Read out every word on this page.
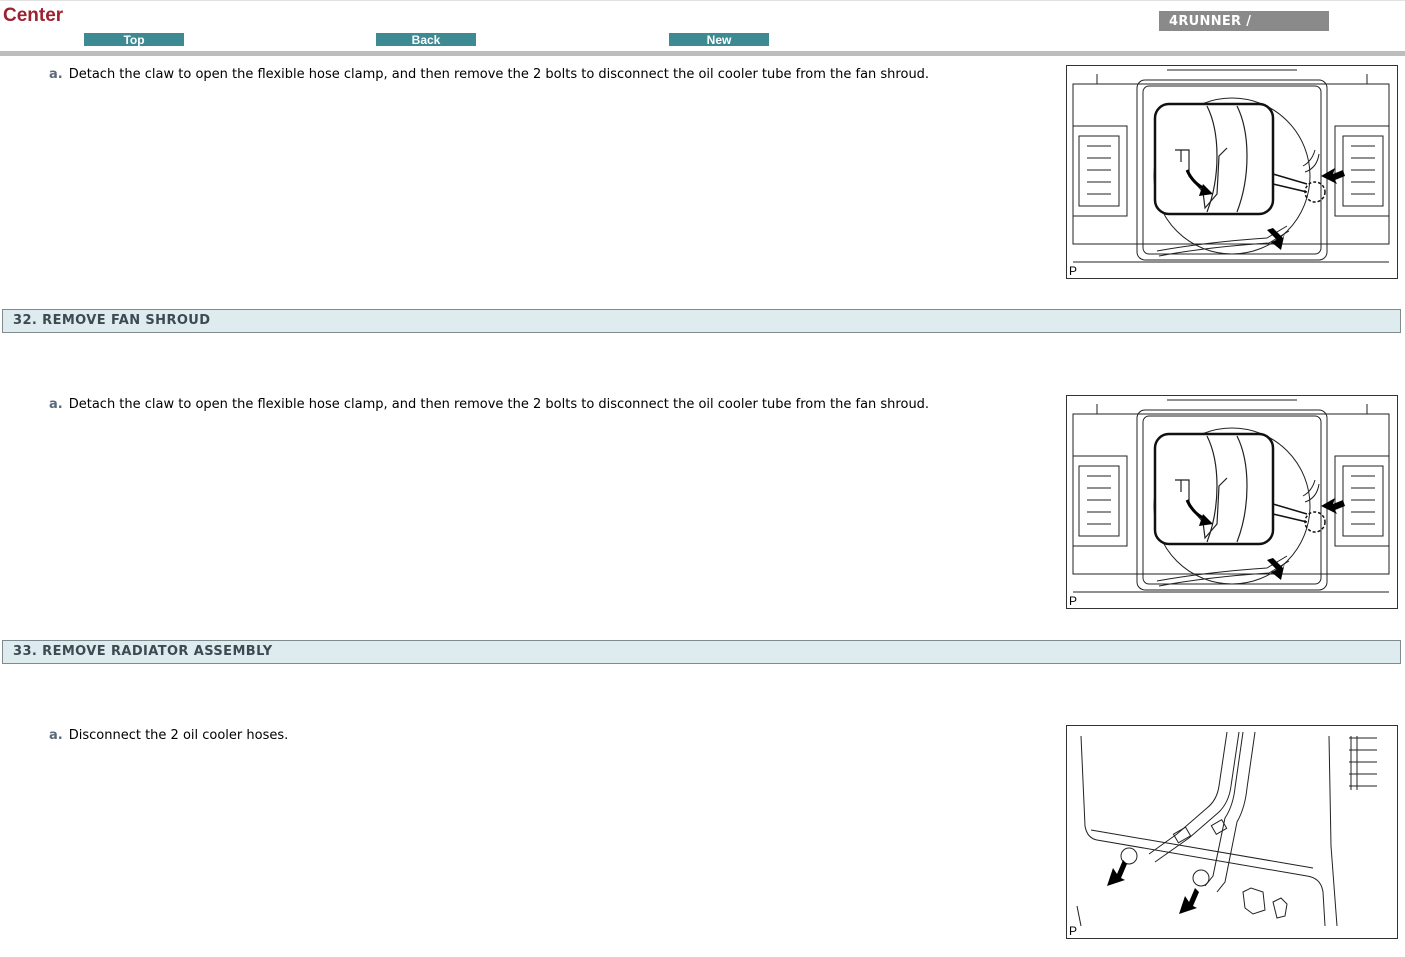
Center
Top	Back	New
4RUNNER /
a. Detach the claw to open the flexible hose clamp, and then remove the 2 bolts to disconnect the oil cooler tube from the fan shroud.
P
32. REMOVE FAN SHROUD
a. Detach the claw to open the flexible hose clamp, and then remove the 2 bolts to disconnect the oil cooler tube from the fan shroud.
P
33. REMOVE RADIATOR ASSEMBLY
a. Disconnect the 2 oil cooler hoses.
P
